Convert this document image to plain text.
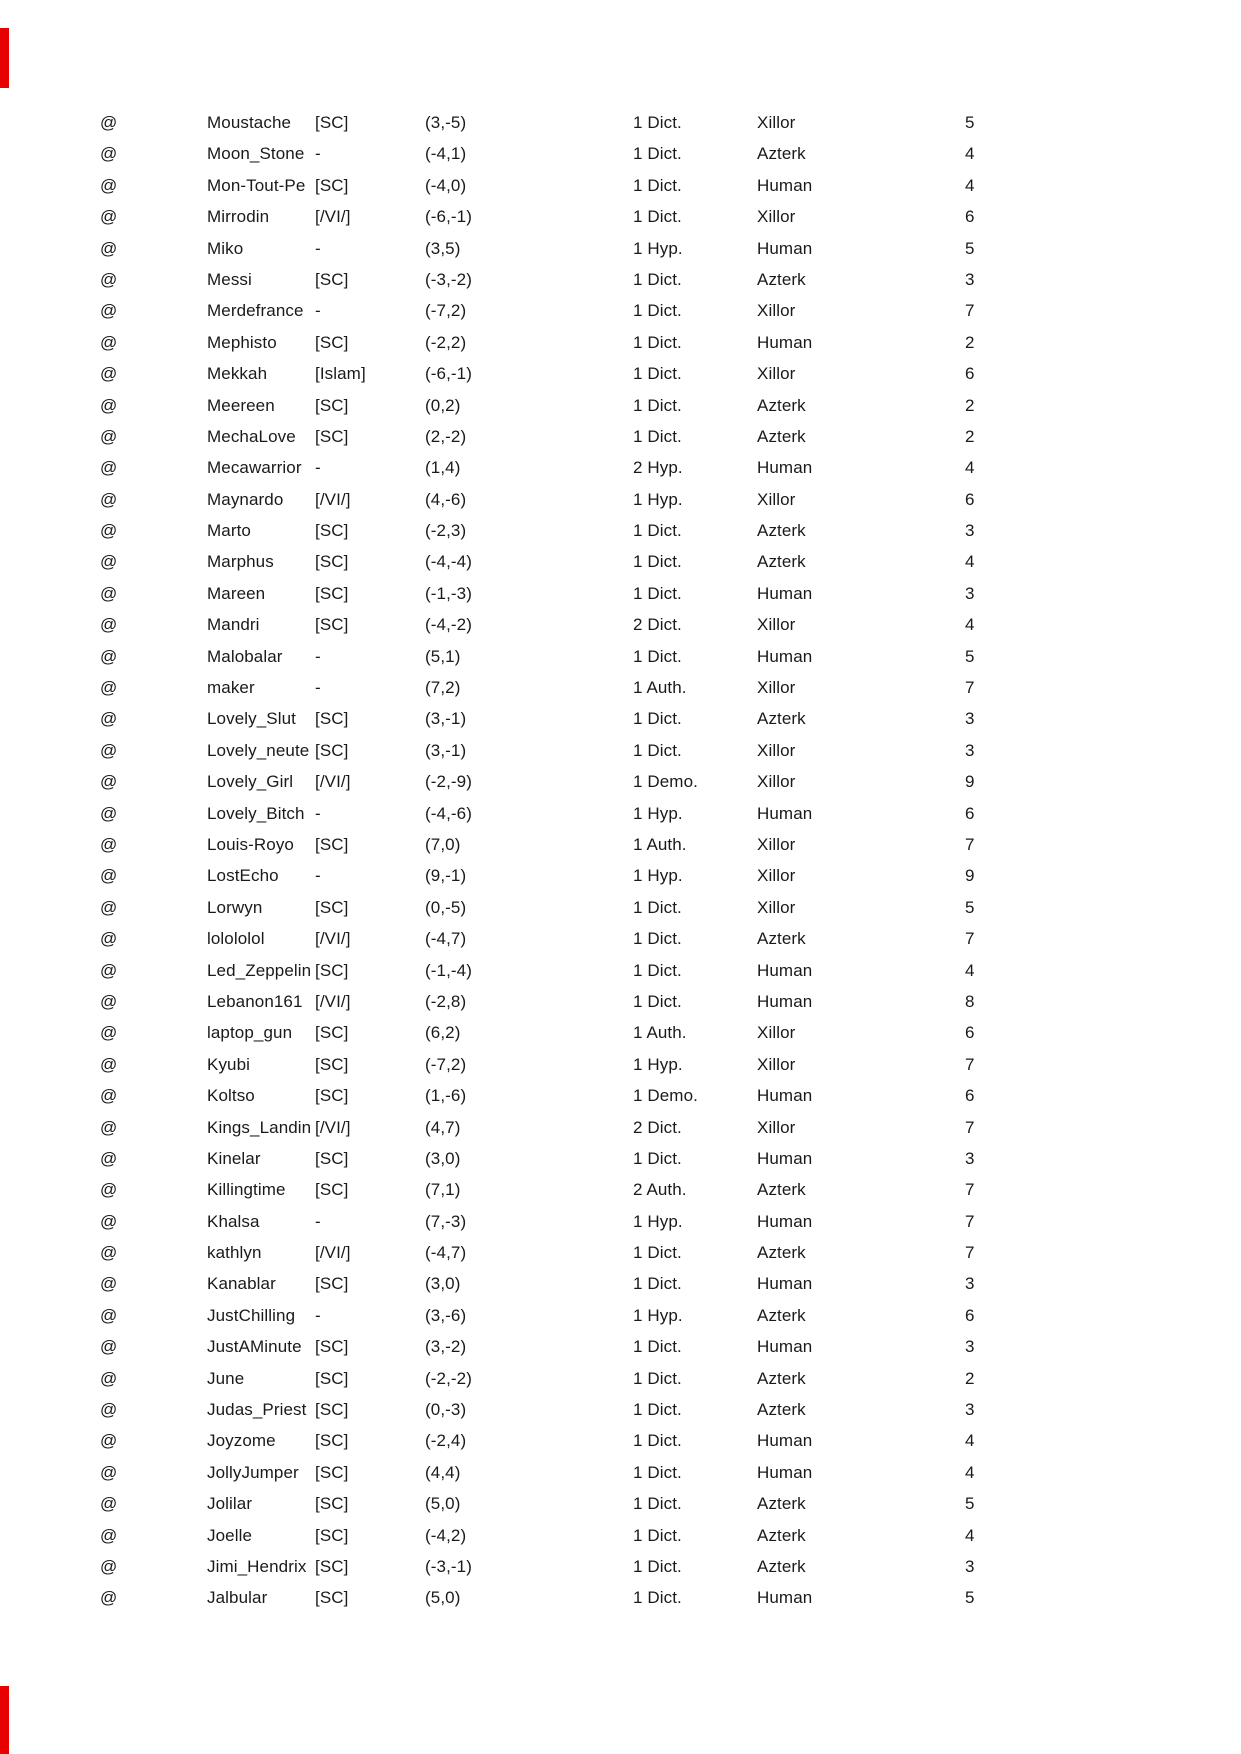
@	Moustache	[SC]	(3,-5)	1 Dict.	Xillor	5
@	Moon_Stone -	(-4,1)	1 Dict.	Azterk	4
@	Mon-Tout-Pe [SC]	(-4,0)	1 Dict.	Human	4
@	Mirrodin	[/VI/]	(-6,-1)	1 Dict.	Xillor	6
@	Miko	-	(3,5)	1 Hyp.	Human	5
@	Messi	[SC]	(-3,-2)	1 Dict.	Azterk	3
@	Merdefrance -	(-7,2)	1 Dict.	Xillor	7
@	Mephisto	[SC]	(-2,2)	1 Dict.	Human	2
@	Mekkah	[Islam]	(-6,-1)	1 Dict.	Xillor	6
@	Meereen	[SC]	(0,2)	1 Dict.	Azterk	2
@	MechaLove	[SC]	(2,-2)	1 Dict.	Azterk	2
@	Mecawarrior -	(1,4)	2 Hyp.	Human	4
@	Maynardo	[/VI/]	(4,-6)	1 Hyp.	Xillor	6
@	Marto	[SC]	(-2,3)	1 Dict.	Azterk	3
@	Marphus	[SC]	(-4,-4)	1 Dict.	Azterk	4
@	Mareen	[SC]	(-1,-3)	1 Dict.	Human	3
@	Mandri	[SC]	(-4,-2)	2 Dict.	Xillor	4
@	Malobalar	-	(5,1)	1 Dict.	Human	5
@	maker	-	(7,2)	1 Auth.	Xillor	7
@	Lovely_Slut	[SC]	(3,-1)	1 Dict.	Azterk	3
@	Lovely_neute [SC]	(3,-1)	1 Dict.	Xillor	3
@	Lovely_Girl	[/VI/]	(-2,-9)	1 Demo.	Xillor	9
@	Lovely_Bitch -	(-4,-6)	1 Hyp.	Human	6
@	Louis-Royo	[SC]	(7,0)	1 Auth.	Xillor	7
@	LostEcho	-	(9,-1)	1 Hyp.	Xillor	9
@	Lorwyn	[SC]	(0,-5)	1 Dict.	Xillor	5
@	lolololol	[/VI/]	(-4,7)	1 Dict.	Azterk	7
@	Led_Zeppelin [SC]	(-1,-4)	1 Dict.	Human	4
@	Lebanon161 [/VI/]	(-2,8)	1 Dict.	Human	8
@	laptop_gun	[SC]	(6,2)	1 Auth.	Xillor	6
@	Kyubi	[SC]	(-7,2)	1 Hyp.	Xillor	7
@	Koltso	[SC]	(1,-6)	1 Demo.	Human	6
@	Kings_Landin [/VI/]	(4,7)	2 Dict.	Xillor	7
@	Kinelar	[SC]	(3,0)	1 Dict.	Human	3
@	Killingtime	[SC]	(7,1)	2 Auth.	Azterk	7
@	Khalsa	-	(7,-3)	1 Hyp.	Human	7
@	kathlyn	[/VI/]	(-4,7)	1 Dict.	Azterk	7
@	Kanablar	[SC]	(3,0)	1 Dict.	Human	3
@	JustChilling	-	(3,-6)	1 Hyp.	Azterk	6
@	JustAMinute [SC]	(3,-2)	1 Dict.	Human	3
@	June	[SC]	(-2,-2)	1 Dict.	Azterk	2
@	Judas_Priest [SC]	(0,-3)	1 Dict.	Azterk	3
@	Joyzome	[SC]	(-2,4)	1 Dict.	Human	4
@	JollyJumper [SC]	(4,4)	1 Dict.	Human	4
@	Jolilar	[SC]	(5,0)	1 Dict.	Azterk	5
@	Joelle	[SC]	(-4,2)	1 Dict.	Azterk	4
@	Jimi_Hendrix [SC]	(-3,-1)	1 Dict.	Azterk	3
@	Jalbular	[SC]	(5,0)	1 Dict.	Human	5
